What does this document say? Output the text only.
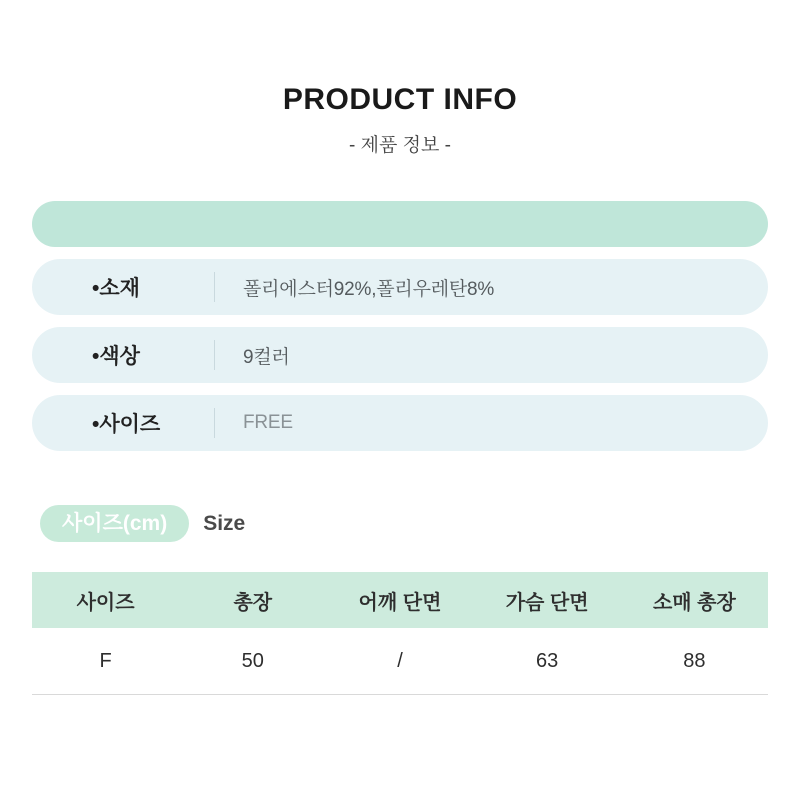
PRODUCT INFO
- 제품 정보 -
•소재	폴리에스터92%,폴리우레탄8%
•색상	9컬러
•사이즈	FREE
사이즈(cm)	Size
사이즈	총장	어깨 단면	가슴 단면	소매 총장
F	50	/	63	88
